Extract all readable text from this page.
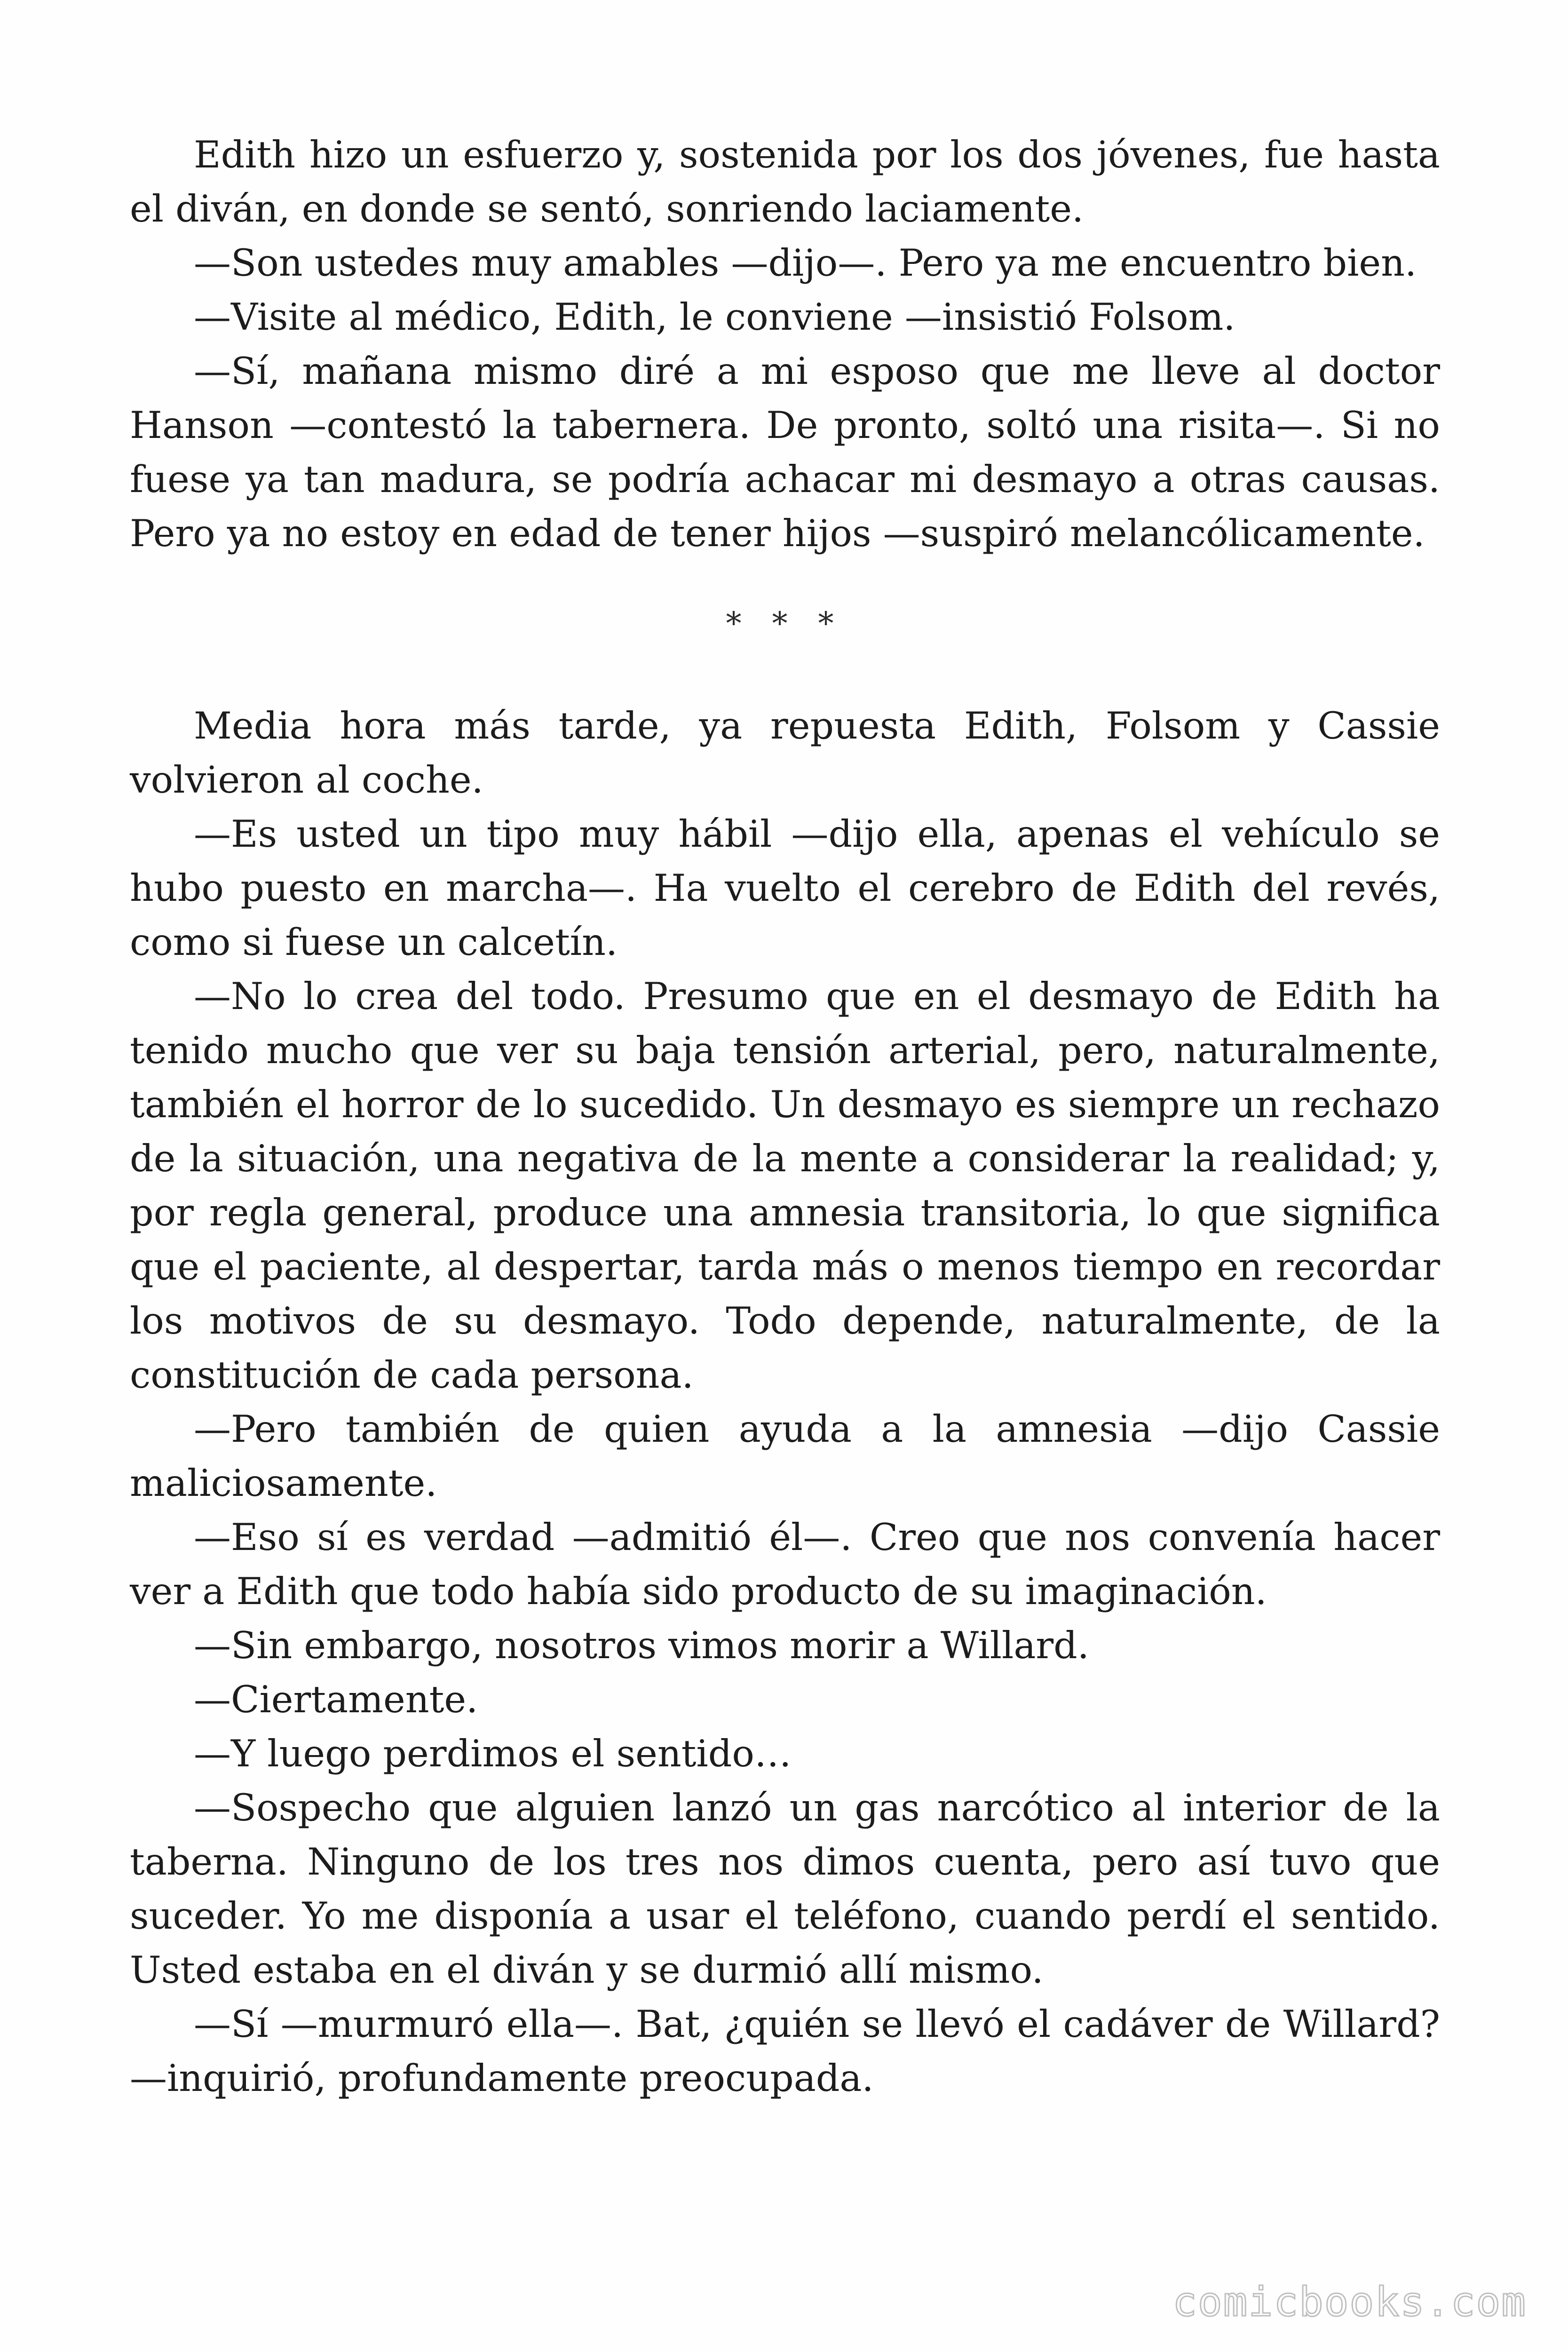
Edith hizo un esfuerzo y, sostenida por los dos jóvenes, fue hasta el diván, en donde se sentó, sonriendo laciamente.

—Son ustedes muy amables —dijo—. Pero ya me encuentro bien.

—Visite al médico, Edith, le conviene —insistió Folsom.

—Sí, mañana mismo diré a mi esposo que me lleve al doctor Hanson —contestó la tabernera. De pronto, soltó una risita—. Si no fuese ya tan madura, se podría achacar mi desmayo a otras causas. Pero ya no estoy en edad de tener hijos —suspiró melancólicamente.

* * *

Media hora más tarde, ya repuesta Edith, Folsom y Cassie volvieron al coche.

—Es usted un tipo muy hábil —dijo ella, apenas el vehículo se hubo puesto en marcha—. Ha vuelto el cerebro de Edith del revés, como si fuese un calcetín.

—No lo crea del todo. Presumo que en el desmayo de Edith ha tenido mucho que ver su baja tensión arterial, pero, naturalmente, también el horror de lo sucedido. Un desmayo es siempre un rechazo de la situación, una negativa de la mente a considerar la realidad; y, por regla general, produce una amnesia transitoria, lo que significa que el paciente, al despertar, tarda más o menos tiempo en recordar los motivos de su desmayo. Todo depende, naturalmente, de la constitución de cada persona.

—Pero también de quien ayuda a la amnesia —dijo Cassie maliciosamente.

—Eso sí es verdad —admitió él—. Creo que nos convenía hacer ver a Edith que todo había sido producto de su imaginación.

—Sin embargo, nosotros vimos morir a Willard.

—Ciertamente.

—Y luego perdimos el sentido…

—Sospecho que alguien lanzó un gas narcótico al interior de la taberna. Ninguno de los tres nos dimos cuenta, pero así tuvo que suceder. Yo me disponía a usar el teléfono, cuando perdí el sentido. Usted estaba en el diván y se durmió allí mismo.

—Sí —murmuró ella—. Bat, ¿quién se llevó el cadáver de Willard? —inquirió, profundamente preocupada.

comicbooks.com
